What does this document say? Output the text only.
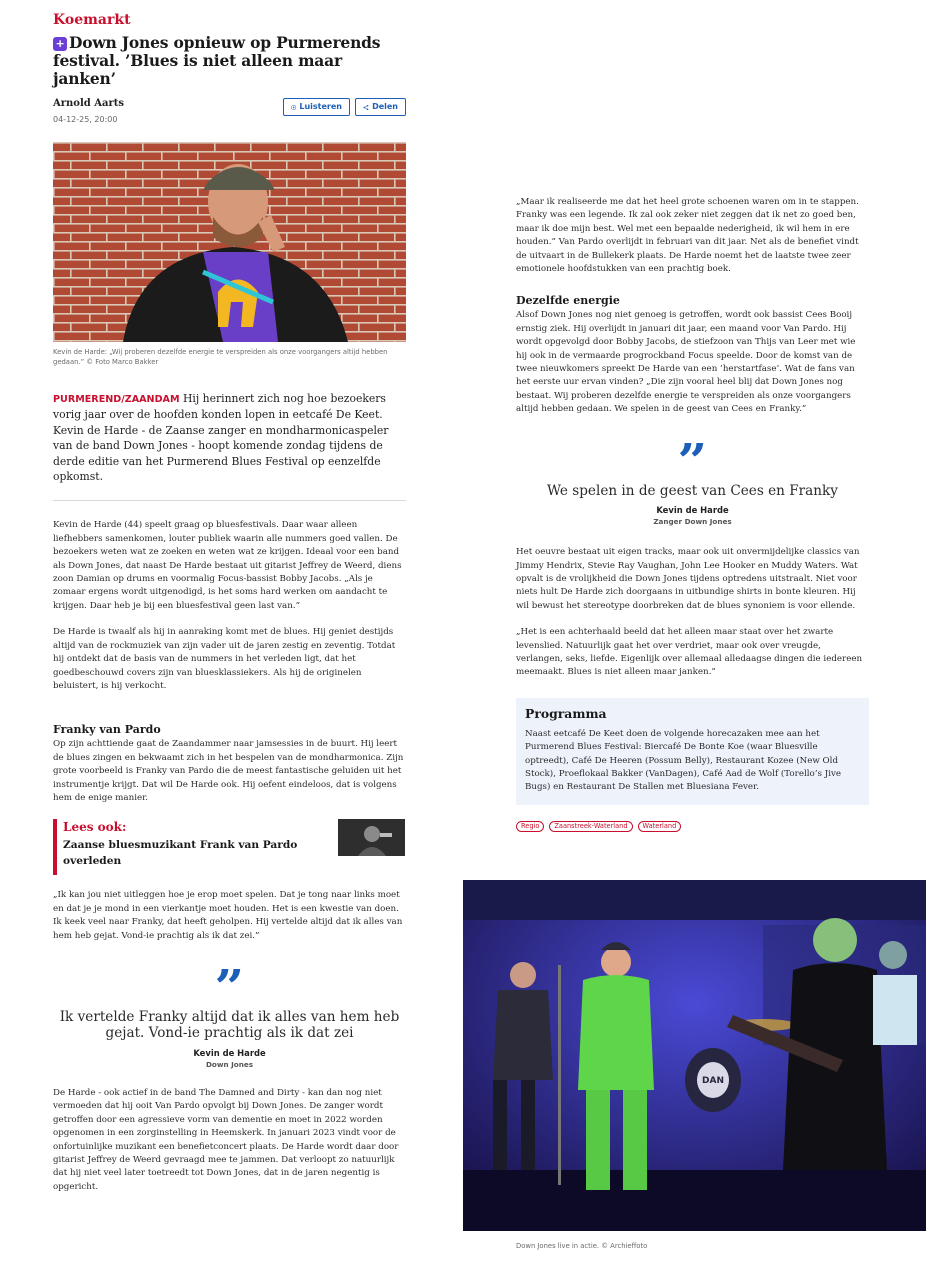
Koemarkt
+ Down Jones opnieuw op Purmerends festival. ’Blues is niet alleen maar janken’
Arnold Aarts
04-12-25, 20:00
Luisteren	Delen
Kevin de Harde: „Wij proberen dezelfde energie te verspreiden als onze voorgangers altijd hebben gedaan.” © Foto Marco Bakker

PURMEREND/ZAANDAM Hij herinnert zich nog hoe bezoekers vorig jaar over de hoofden konden lopen in eetcafé De Keet. Kevin de Harde - de Zaanse zanger en mondharmonicaspeler van de band Down Jones - hoopt komende zondag tijdens de derde editie van het Purmerend Blues Festival op eenzelfde opkomst.

Kevin de Harde (44) speelt graag op bluesfestivals. Daar waar alleen liefhebbers samenkomen, louter publiek waarin alle nummers goed vallen. De bezoekers weten wat ze zoeken en weten wat ze krijgen. Ideaal voor een band als Down Jones, dat naast De Harde bestaat uit gitarist Jeffrey de Weerd, diens zoon Damian op drums en voormalig Focus-bassist Bobby Jacobs. „Als je zomaar ergens wordt uitgenodigd, is het soms hard werken om aandacht te krijgen. Daar heb je bij een bluesfestival geen last van.”

De Harde is twaalf als hij in aanraking komt met de blues. Hij geniet destijds altijd van de rockmuziek van zijn vader uit de jaren zestig en zeventig. Totdat hij ontdekt dat de basis van de nummers in het verleden ligt, dat het goedbeschouwd covers zijn van bluesklassiekers. Als hij de originelen beluistert, is hij verkocht.

Franky van Pardo

Op zijn achttiende gaat de Zaandammer naar jamsessies in de buurt. Hij leert de blues zingen en bekwaamt zich in het bespelen van de mondharmonica. Zijn grote voorbeeld is Franky van Pardo die de meest fantastische geluiden uit het instrumentje krijgt. Dat wil De Harde ook. Hij oefent eindeloos, dat is volgens hem de enige manier.

Lees ook:
Zaanse bluesmuzikant Frank van Pardo overleden

„Ik kan jou niet uitleggen hoe je erop moet spelen. Dat je tong naar links moet en dat je je mond in een vierkantje moet houden. Het is een kwestie van doen. Ik keek veel naar Franky, dat heeft geholpen. Hij vertelde altijd dat ik alles van hem heb gejat. Vond-ie prachtig als ik dat zei.”

”
Ik vertelde Franky altijd dat ik alles van hem heb gejat. Vond-ie prachtig als ik dat zei
Kevin de Harde
Down Jones

De Harde - ook actief in de band The Damned and Dirty - kan dan nog niet vermoeden dat hij ooit Van Pardo opvolgt bij Down Jones. De zanger wordt getroffen door een agressieve vorm van dementie en moet in 2022 worden opgenomen in een zorginstelling in Heemskerk. In januari 2023 vindt voor de onfortuinlijke muzikant een benefietconcert plaats. De Harde wordt daar door gitarist Jeffrey de Weerd gevraagd mee te jammen. Dat verloopt zo natuurlijk dat hij niet veel later toetreedt tot Down Jones, dat in de jaren negentig is opgericht.

„Maar ik realiseerde me dat het heel grote schoenen waren om in te stappen. Franky was een legende. Ik zal ook zeker niet zeggen dat ik net zo goed ben, maar ik doe mijn best. Wel met een bepaalde nederigheid, ik wil hem in ere houden.” Van Pardo overlijdt in februari van dit jaar. Net als de benefiet vindt de uitvaart in de Bullekerk plaats. De Harde noemt het de laatste twee zeer emotionele hoofdstukken van een prachtig boek.

Dezelfde energie

Alsof Down Jones nog niet genoeg is getroffen, wordt ook bassist Cees Booij ernstig ziek. Hij overlijdt in januari dit jaar, een maand voor Van Pardo. Hij wordt opgevolgd door Bobby Jacobs, de stiefzoon van Thijs van Leer met wie hij ook in de vermaarde progrockband Focus speelde. Door de komst van de twee nieuwkomers spreekt De Harde van een ’herstartfase’. Wat de fans van het eerste uur ervan vinden? „Die zijn vooral heel blij dat Down Jones nog bestaat. Wij proberen dezelfde energie te verspreiden als onze voorgangers altijd hebben gedaan. We spelen in de geest van Cees en Franky.”

”
We spelen in de geest van Cees en Franky
Kevin de Harde
Zanger Down Jones

Het oeuvre bestaat uit eigen tracks, maar ook uit onvermijdelijke classics van Jimmy Hendrix, Stevie Ray Vaughan, John Lee Hooker en Muddy Waters. Wat opvalt is de vrolijkheid die Down Jones tijdens optredens uitstraalt. Niet voor niets hult De Harde zich doorgaans in uitbundige shirts in bonte kleuren. Hij wil bewust het stereotype doorbreken dat de blues synoniem is voor ellende.

„Het is een achterhaald beeld dat het alleen maar staat over het zwarte levenslied. Natuurlijk gaat het over verdriet, maar ook over vreugde, verlangen, seks, liefde. Eigenlijk over allemaal alledaagse dingen die iedereen meemaakt. Blues is niet alleen maar janken.”

Programma
Naast eetcafé De Keet doen de volgende horecazaken mee aan het Purmerend Blues Festival: Biercafé De Bonte Koe (waar Bluesville optreedt), Café De Heeren (Possum Belly), Restaurant Kozee (New Old Stock), Proeflokaal Bakker (VanDagen), Café Aad de Wolf (Torello’s Jive Bugs) en Restaurant De Stallen met Bluesiana Fever.
Regio	Zaanstreek-Waterland	Waterland
DAN
Down Jones live in actie. © Archieffoto
